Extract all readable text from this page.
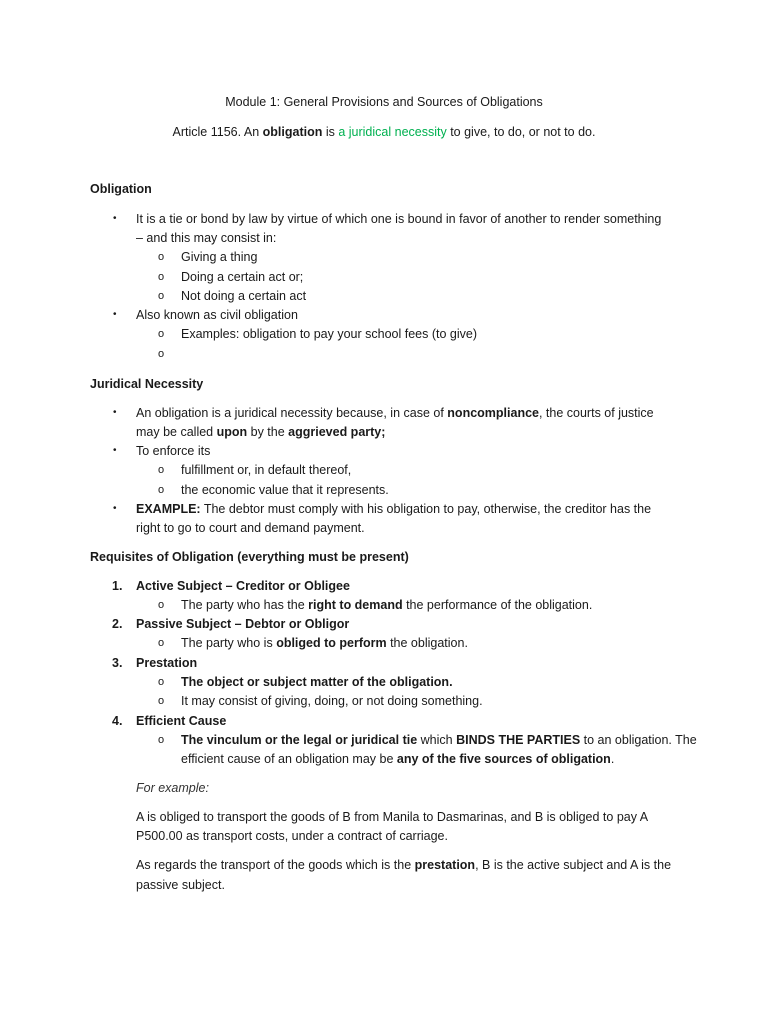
Module 1: General Provisions and Sources of Obligations
Article 1156. An obligation is a juridical necessity to give, to do, or not to do.
Obligation
• It is a tie or bond by law by virtue of which one is bound in favor of another to render something
– and this may consist in:
o Giving a thing
o Doing a certain act or;
o Not doing a certain act
• Also known as civil obligation
o Examples: obligation to pay your school fees (to give)
o
Juridical Necessity
• An obligation is a juridical necessity because, in case of noncompliance, the courts of justice
may be called upon by the aggrieved party;
• To enforce its
o fulfillment or, in default thereof,
o the economic value that it represents.
• EXAMPLE: The debtor must comply with his obligation to pay, otherwise, the creditor has the
right to go to court and demand payment.
Requisites of Obligation (everything must be present)
1. Active Subject – Creditor or Obligee
o The party who has the right to demand the performance of the obligation.
2. Passive Subject – Debtor or Obligor
o The party who is obliged to perform the obligation.
3. Prestation
o The object or subject matter of the obligation.
o It may consist of giving, doing, or not doing something.
4. Efficient Cause
o The vinculum or the legal or juridical tie which BINDS THE PARTIES to an obligation. The
efficient cause of an obligation may be any of the five sources of obligation.
For example:
A is obliged to transport the goods of B from Manila to Dasmarinas, and B is obliged to pay A
P500.00 as transport costs, under a contract of carriage.
As regards the transport of the goods which is the prestation, B is the active subject and A is the
passive subject.
